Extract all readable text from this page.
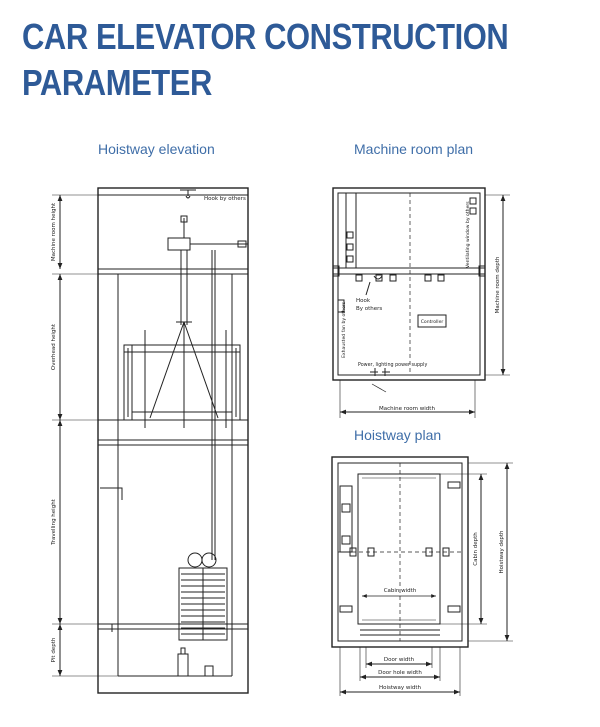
CAR ELEVATOR CONSTRUCTION
PARAMETER
Hoistway elevation	Machine room plan
Hoistway plan
Hook by others
Machine room height
Overhead height
Travelling height
Pit depth
Ventilating window by others
Machine room depth
Hook
By others
Exhausted fan by others	Controller
Power, lighting power supply
Machine room width
Cabin width
Cabin depth	Hoistway depth
Door width
Door hole width
Hoistway width
